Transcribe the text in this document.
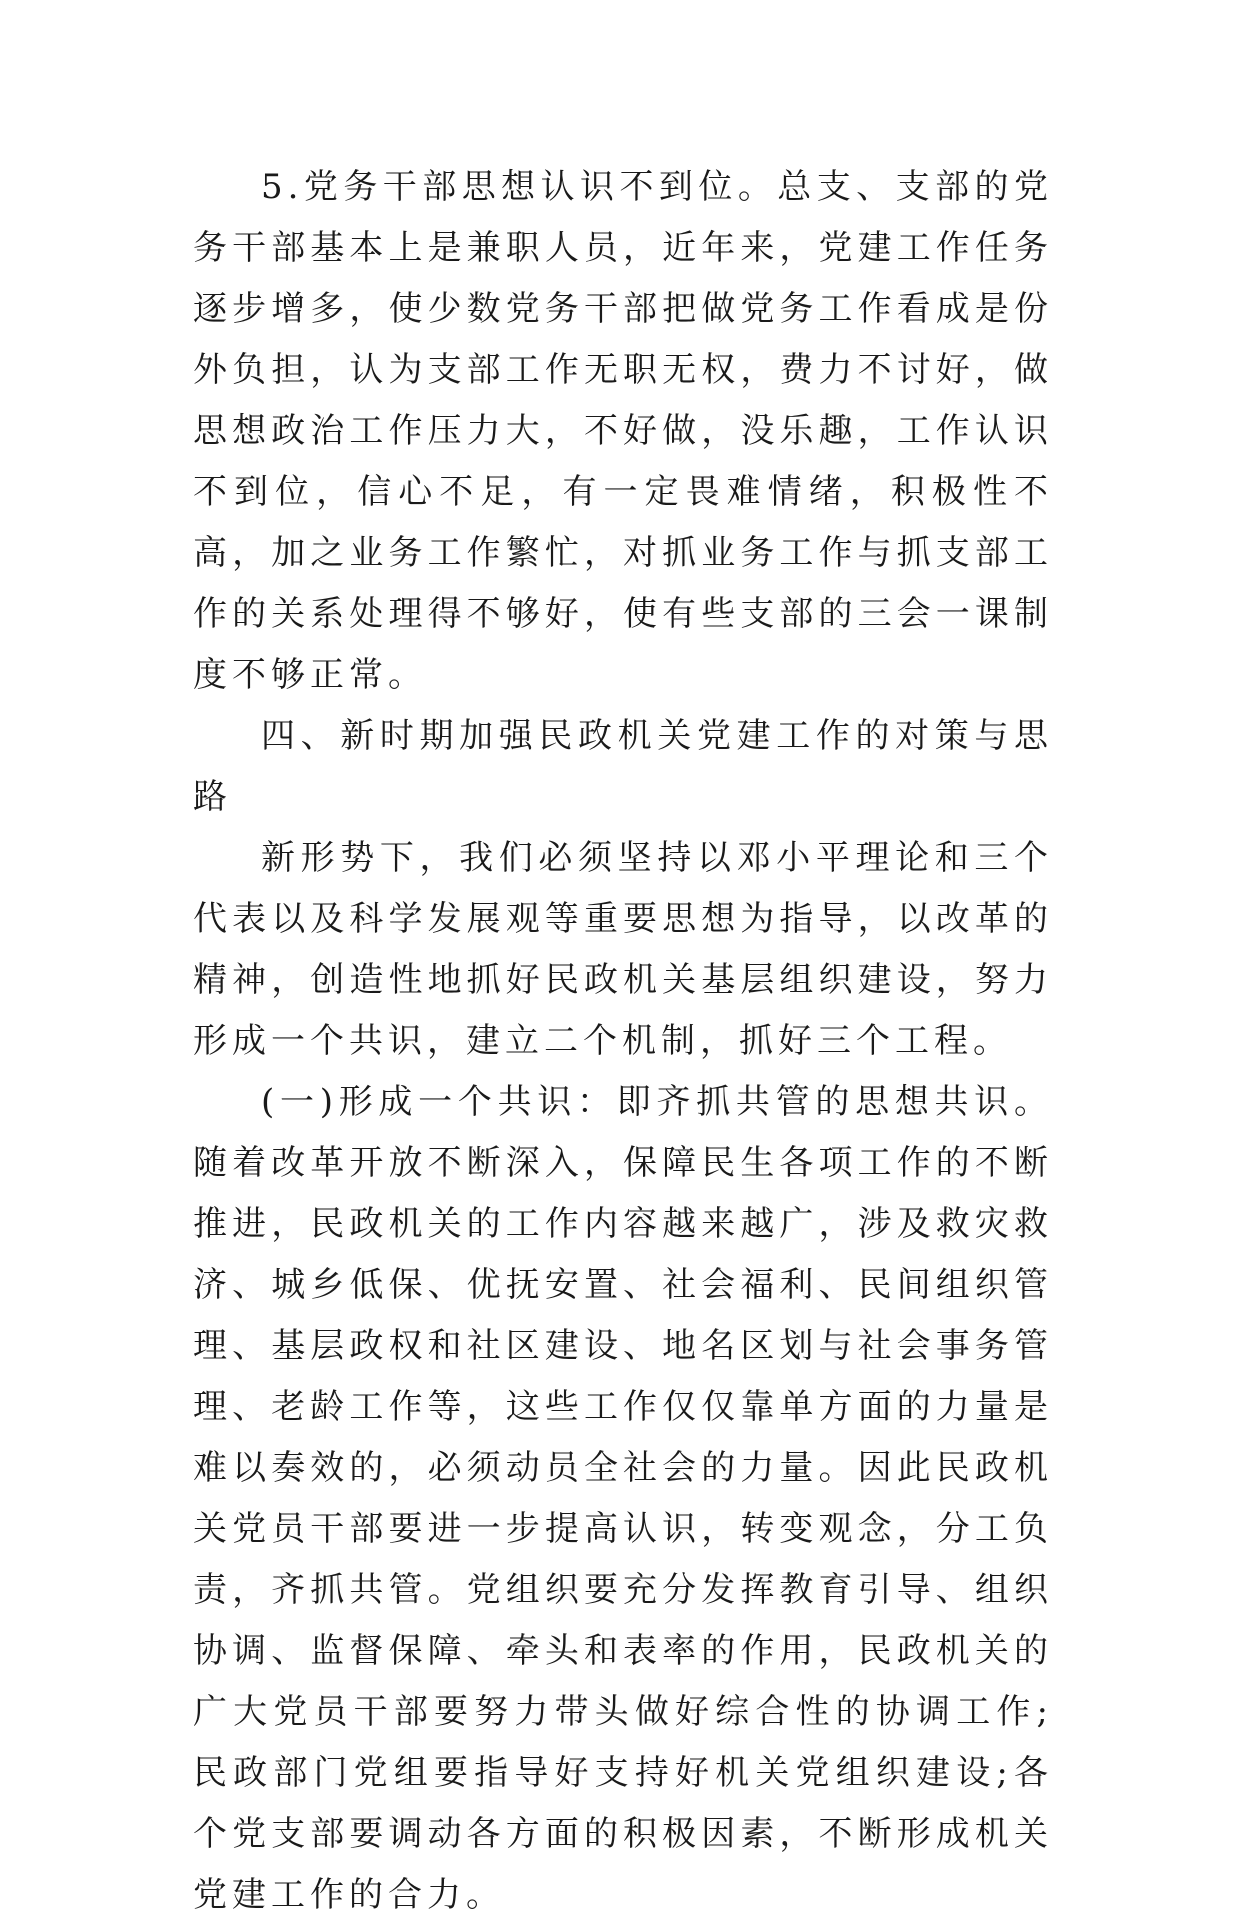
5.党务干部思想认识不到位。总支、支部的党务干部基本上是兼职人员，近年来，党建工作任务逐步增多，使少数党务干部把做党务工作看成是份外负担，认为支部工作无职无权，费力不讨好，做思想政治工作压力大，不好做，没乐趣，工作认识不到位，信心不足，有一定畏难情绪，积极性不高，加之业务工作繁忙，对抓业务工作与抓支部工作的关系处理得不够好，使有些支部的三会一课制度不够正常。

四、新时期加强民政机关党建工作的对策与思路

新形势下，我们必须坚持以邓小平理论和三个代表以及科学发展观等重要思想为指导，以改革的精神，创造性地抓好民政机关基层组织建设，努力形成一个共识，建立二个机制，抓好三个工程。

(一)形成一个共识：即齐抓共管的思想共识。随着改革开放不断深入，保障民生各项工作的不断推进，民政机关的工作内容越来越广，涉及救灾救济、城乡低保、优抚安置、社会福利、民间组织管理、基层政权和社区建设、地名区划与社会事务管理、老龄工作等，这些工作仅仅靠单方面的力量是难以奏效的，必须动员全社会的力量。因此民政机关党员干部要进一步提高认识，转变观念，分工负责，齐抓共管。党组织要充分发挥教育引导、组织协调、监督保障、牵头和表率的作用，民政机关的广大党员干部要努力带头做好综合性的协调工作;民政部门党组要指导好支持好机关党组织建设;各个党支部要调动各方面的积极因素，不断形成机关党建工作的合力。
